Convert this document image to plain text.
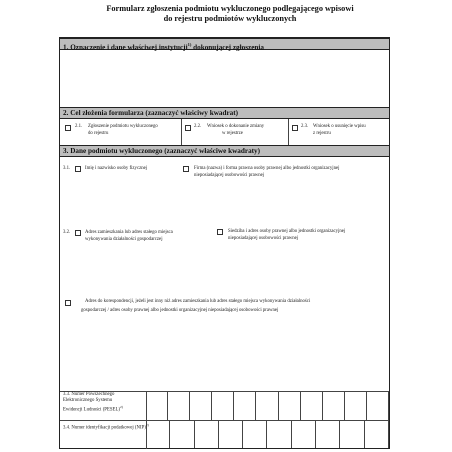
Formularz zgłoszenia podmiotu wykluczonego podlegającego wpisowi
do rejestru podmiotów wykluczonych
1. Oznaczenie i dane właściwej instytucji$^{1)}$ dokonującej zgłoszenia
2. Cel złożenia formularza (zaznaczyć właściwy kwadrat)
2.1. Zgłoszenie podmiotu wykluczonego
do rejestru
2.2. Wniosek o dokonanie zmiany
w rejestrze
2.3. Wniosek o usunięcie wpisu
z rejestru
3. Dane podmiotu wykluczonego (zaznaczyć właściwe kwadraty)
3.1.	Imię i nazwisko osoby fizycznej	Firma (nazwa) i forma prawna osoby prawnej albo jednostki organizacyjnej
nieposiadającej osobowości prawnej
3.2.	Adres zamieszkania lub adres stałego miejsca
wykonywania działalności gospodarczej
Siedziba i adres osoby prawnej albo jednostki organizacyjnej
nieposiadającej osobowości prawnej
Adres do korespondencji, jeżeli jest inny niż adres zamieszkania lub adres stałego miejsca wykonywania działalności
gospodarczej / adres osoby prawnej albo jednostki organizacyjnej nieposiadającej osobowości prawnej
3.3. Numer Powszechnego
Elektronicznego Systemu
Ewidencji Ludności (PESEL)$^{2)}$
3.4. Numer identyfikacji podatkowej (NIP)$^{2)}$
